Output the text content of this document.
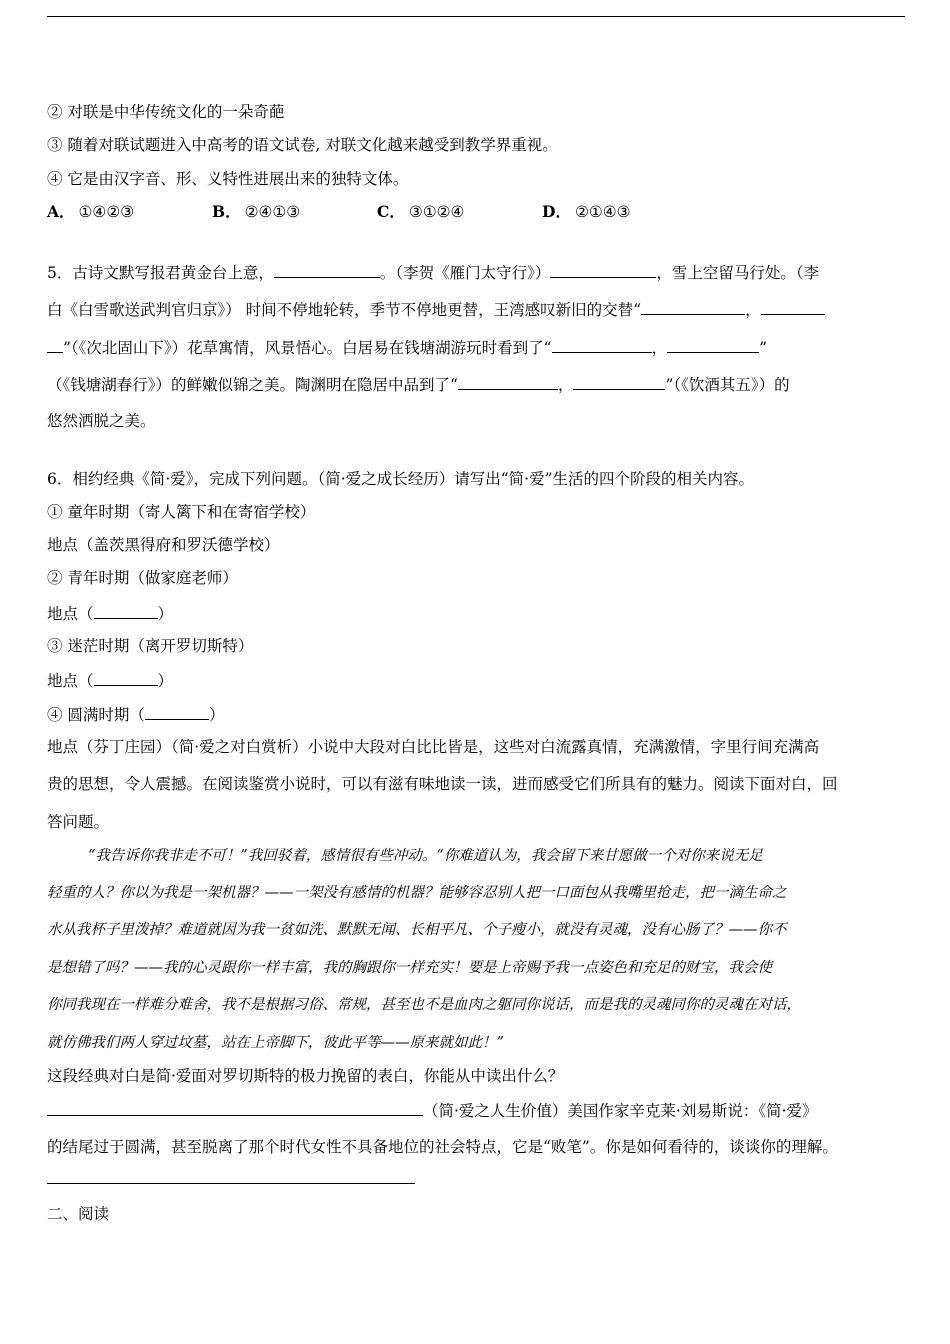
② 对联是中华传统文化的一朵奇葩
③ 随着对联试题进入中高考的语文试卷, 对联文化越来越受到教学界重视。
④ 它是由汉字音、形、义特性进展出来的独特文体。
A． ①④②③	B． ②④①③	C． ③①②④	D． ②①④③
5．古诗文默写报君黄金台上意，	。（李贺《雁门太守行》）	，雪上空留马行处。（李
白《白雪歌送武判官归京》） 时间不停地轮转，季节不停地更替，王湾感叹新旧的交替“	，
”（《次北固山下》）花草寓情，风景悟心。白居易在钱塘湖游玩时看到了“	，	”
（《钱塘湖春行》）的鲜嫩似锦之美。陶渊明在隐居中品到了“	，	”（《饮酒其五》）的
悠然洒脱之美。
6．相约经典《简·爱》，完成下列问题。（简·爱之成长经历）请写出“简·爱”生活的四个阶段的相关内容。
① 童年时期（寄人篱下和在寄宿学校）
地点（盖茨黑得府和罗沃德学校）
② 青年时期（做家庭老师）
地点（	）
③ 迷茫时期（离开罗切斯特）
地点（	）
④ 圆满时期（	）
地点（芬丁庄园）（简·爱之对白赏析）小说中大段对白比比皆是，这些对白流露真情，充满激情，字里行间充满高
贵的思想，令人震撼。在阅读鉴赏小说时，可以有滋有味地读一读，进而感受它们所具有的魅力。阅读下面对白，回
答问题。
“我告诉你我非走不可！”我回驳着，感情很有些冲动。“你难道认为，我会留下来甘愿做一个对你来说无足
轻重的人？你以为我是一架机器？——一架没有感情的机器？能够容忍别人把一口面包从我嘴里抢走，把一滴生命之
水从我杯子里泼掉？难道就因为我一贫如洗、默默无闻、长相平凡、个子瘦小，就没有灵魂，没有心肠了？——你不
是想错了吗？——我的心灵跟你一样丰富，我的胸跟你一样充实！要是上帝赐予我一点姿色和充足的财宝，我会使
你同我现在一样难分难舍，我不是根据习俗、常规，甚至也不是血肉之躯同你说话，而是我的灵魂同你的灵魂在对话，
就仿佛我们两人穿过坟墓，站在上帝脚下，彼此平等——原来就如此！”
这段经典对白是简·爱面对罗切斯特的极力挽留的表白，你能从中读出什么？
（简·爱之人生价值）美国作家辛克莱·刘易斯说：《简·爱》
的结尾过于圆满，甚至脱离了那个时代女性不具备地位的社会特点，它是“败笔”。你是如何看待的，谈谈你的理解。
二、阅读
